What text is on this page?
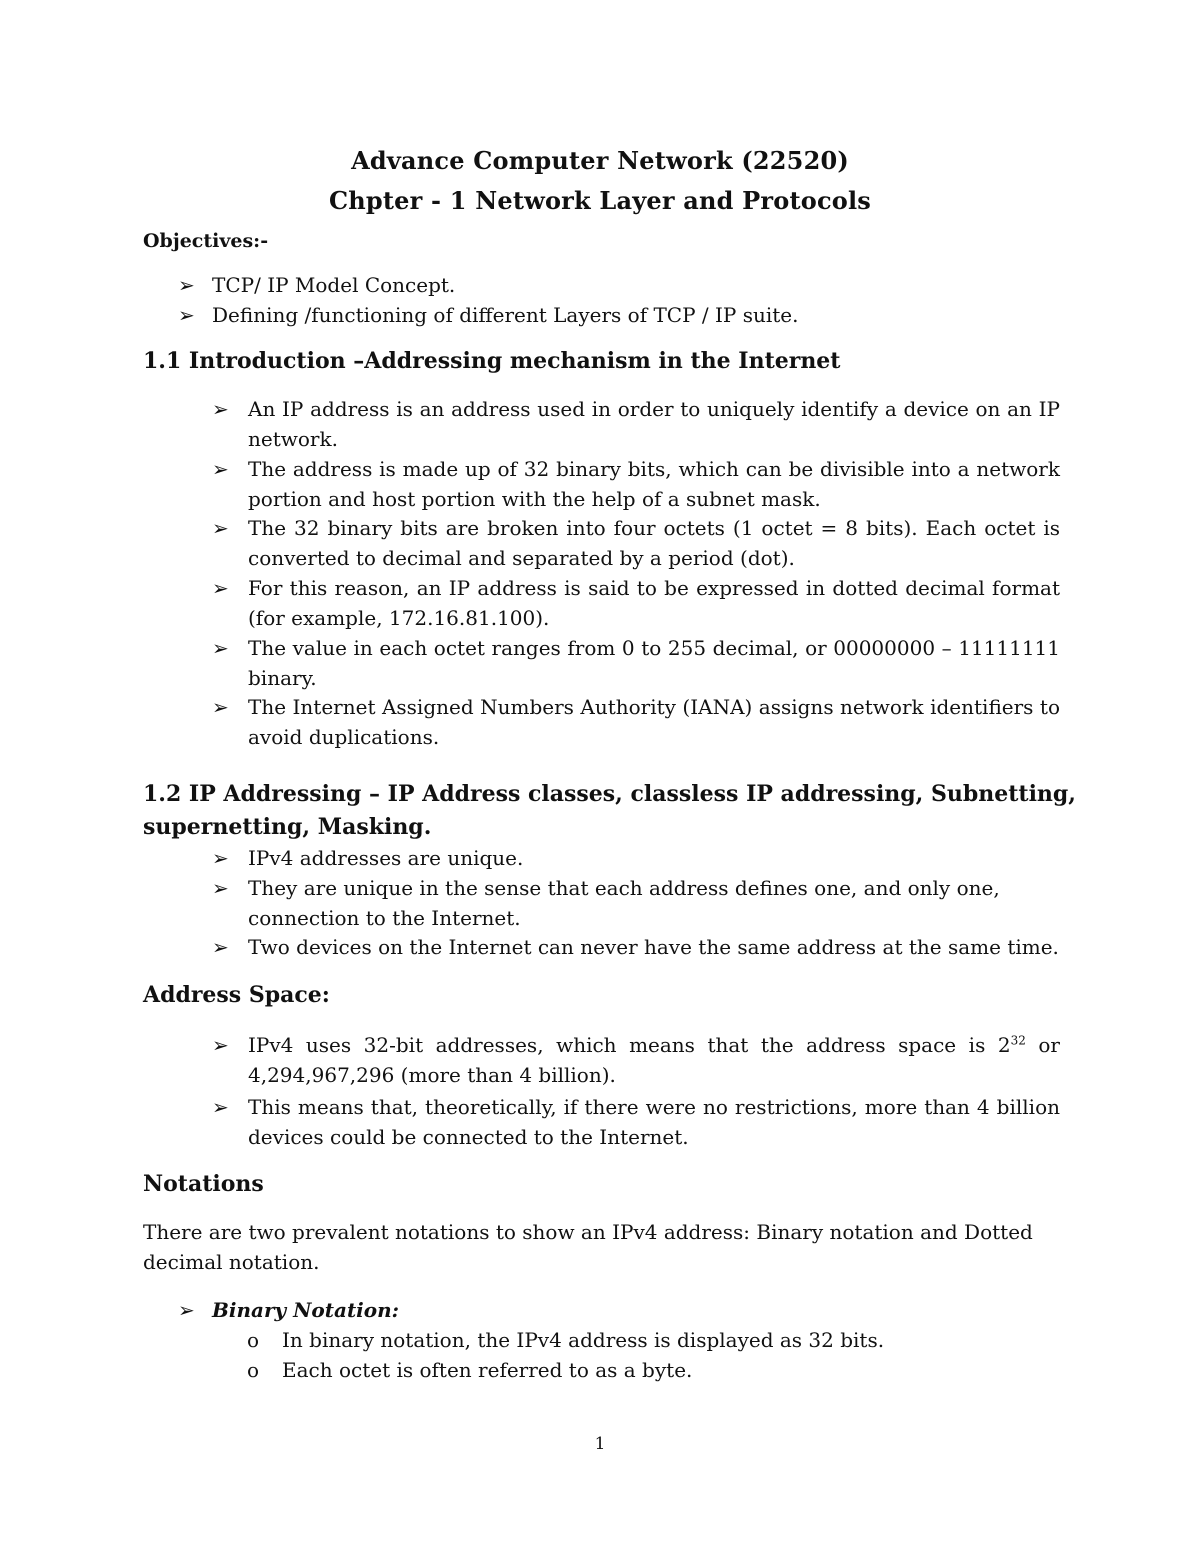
Advance Computer Network (22520)
Chpter - 1 Network Layer and Protocols
Objectives:-
➢ TCP/ IP Model Concept.
➢ Defining /functioning of different Layers of TCP / IP suite.
1.1 Introduction –Addressing mechanism in the Internet
➢ An IP address is an address used in order to uniquely identify a device on an IP network.
➢ The address is made up of 32 binary bits, which can be divisible into a network portion and host portion with the help of a subnet mask.
➢ The 32 binary bits are broken into four octets (1 octet = 8 bits). Each octet is converted to decimal and separated by a period (dot).
➢ For this reason, an IP address is said to be expressed in dotted decimal format (for example, 172.16.81.100).
➢ The value in each octet ranges from 0 to 255 decimal, or 00000000 – 11111111 binary.
➢ The Internet Assigned Numbers Authority (IANA) assigns network identifiers to avoid duplications.
1.2 IP Addressing – IP Address classes, classless IP addressing, Subnetting,
supernetting, Masking.
➢ IPv4 addresses are unique.
➢ They are unique in the sense that each address defines one, and only one, connection to the Internet.
➢ Two devices on the Internet can never have the same address at the same time.
Address Space:
➢ IPv4 uses 32-bit addresses, which means that the address space is $2^{32}$ or 4,294,967,296 (more than 4 billion).
➢ This means that, theoretically, if there were no restrictions, more than 4 billion devices could be connected to the Internet.
Notations
There are two prevalent notations to show an IPv4 address: Binary notation and Dotted decimal notation.
➢ Binary Notation:
o In binary notation, the IPv4 address is displayed as 32 bits.
o Each octet is often referred to as a byte.
1
